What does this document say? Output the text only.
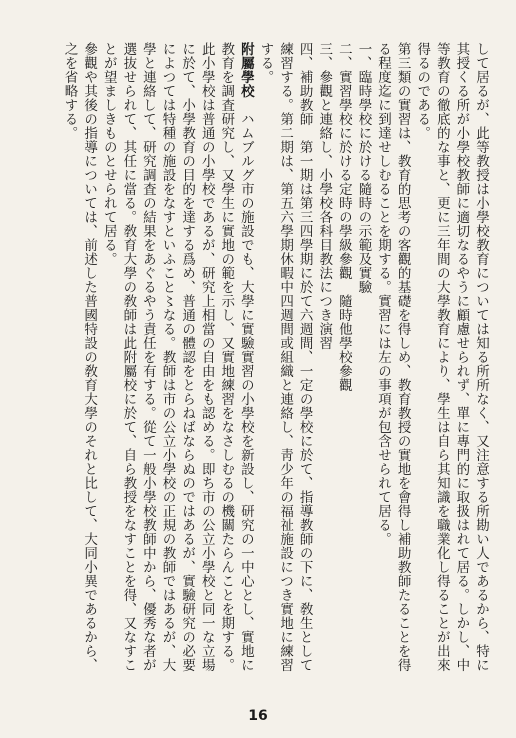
して居るが、此等教授は小學校教育については知る所所なく、又注意する所勘い人であるから、特に其授くる所が小學校教師に適切なるやうに顧慮せられず、單に專門的に取扱はれて居る。しかし、中等教育の徹底的な事と、更に三年間の大學教育により、學生は自ら其知識を職業化し得ることが出來得るのである。

第三類の實習は、教育的思考の客觀的基礎を得しめ、教育教授の實地を會得し補助教師たることを得る程度迄に到達せしむることを期する。實習には左の事項が包含せられて居る。

一、臨時學校に於ける隨時の示範及實驗

二、實習學校に於ける定時の學級參觀　隨時他學校參觀

三、參觀と連絡し、小學校各科目教法につき演習

四、補助教師　第一期は第三四學期に於て六週間、一定の學校に於て、指導教師の下に、敎生として練習する。第二期は、第五六學期休暇中四週間或組織と連絡し、靑少年の福祉施設につき實地に練習する。

附屬學校　ハムブルグ市の施設でも、大學に實驗實習の小學校を新設し、研究の一中心とし、實地に教育を調査研究し、又學生に實地の範を示し、又實地練習をなさしむるの機關たらんことを期する。此小學校は普通の小學校であるが、研究上相當の自由をも認める。即ち市の公立小學校と同一な立場に於て、小學教育の目的を達する爲め、普通の體認をとらねばならぬのではあるが、實驗研究の必要によつては特種の施設をなすといふこと〻なる。教師は市の公立小學校の正規の教師ではあるが、大學と連絡して、研究調査の結果をあぐるやう責任を有する。從て一般小學校教師中から、優秀な者が選抜せられて、其任に當る。敎育大學の敎師は此附屬校に於て、自ら教授をなすことを得、又なすことが望ましきものとせられて居る。

參觀や其後の指導については、前述した普國特設の敎育大學のそれと比して、大同小異であるから、之を省略する。

16
